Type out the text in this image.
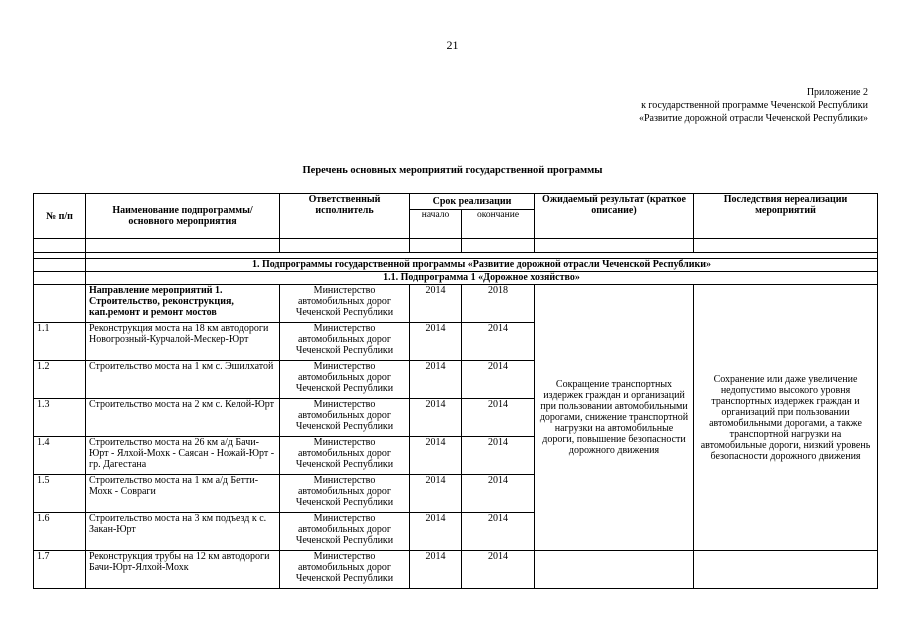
21
Приложение 2
к государственной программе Чеченской Республики
«Развитие дорожной отрасли Чеченской Республики»
Перечень основных мероприятий государственной программы
№ п/п	Наименование подпрограммы/ основного мероприятия	Ответственный исполнитель	Срок реализации		Ожидаемый результат (краткое описание)	Последствия нереализации мероприятий
			начало	окончание		

	1. Подпрограммы государственной программы «Развитие дорожной отрасли Чеченской Республики»					
	1.1. Подпрограмма 1 «Дорожное хозяйство»					
	Направление мероприятий 1. Строительство, реконструкция, кап.ремонт и ремонт мостов	Министерство автомобильных дорог Чеченской Республики	2014	2018	Сокращение транспортных издержек граждан и организаций при пользовании автомобильными дорогами, снижение транспортной нагрузки на автомобильные дороги, повышение безопасности дорожного движения	Сохранение или даже увеличение недопустимо высокого уровня транспортных издержек граждан и организаций при пользовании автомобильными дорогами, а также транспортной нагрузки на автомобильные дороги, низкий уровень безопасности дорожного движения
1.1	Реконструкция моста на 18 км автодороги Новогрозный-Курчалой-Мескер-Юрт	Министерство автомобильных дорог Чеченской Республики	2014	2014		
1.2	Строительство моста на 1 км с. Эшилхатой	Министерство автомобильных дорог Чеченской Республики	2014	2014		
1.3	Строительство моста на 2 км с. Келой-Юрт	Министерство автомобильных дорог Чеченской Республики	2014	2014		
1.4	Строительство моста на 26 км а/д Бачи-Юрт - Ялхой-Мохк - Саясан - Ножай-Юрт - гр. Дагестана	Министерство автомобильных дорог Чеченской Республики	2014	2014		
1.5	Строительство моста на 1 км а/д Бетти-Мохк - Совраги	Министерство автомобильных дорог Чеченской Республики	2014	2014		
1.6	Строительство моста на 3 км подъезд к с. Закан-Юрт	Министерство автомобильных дорог Чеченской Республики	2014	2014		
1.7	Реконструкция трубы на 12 км автодороги Бачи-Юрт-Ялхой-Мохк	Министерство автомобильных дорог Чеченской Республики	2014	2014		
